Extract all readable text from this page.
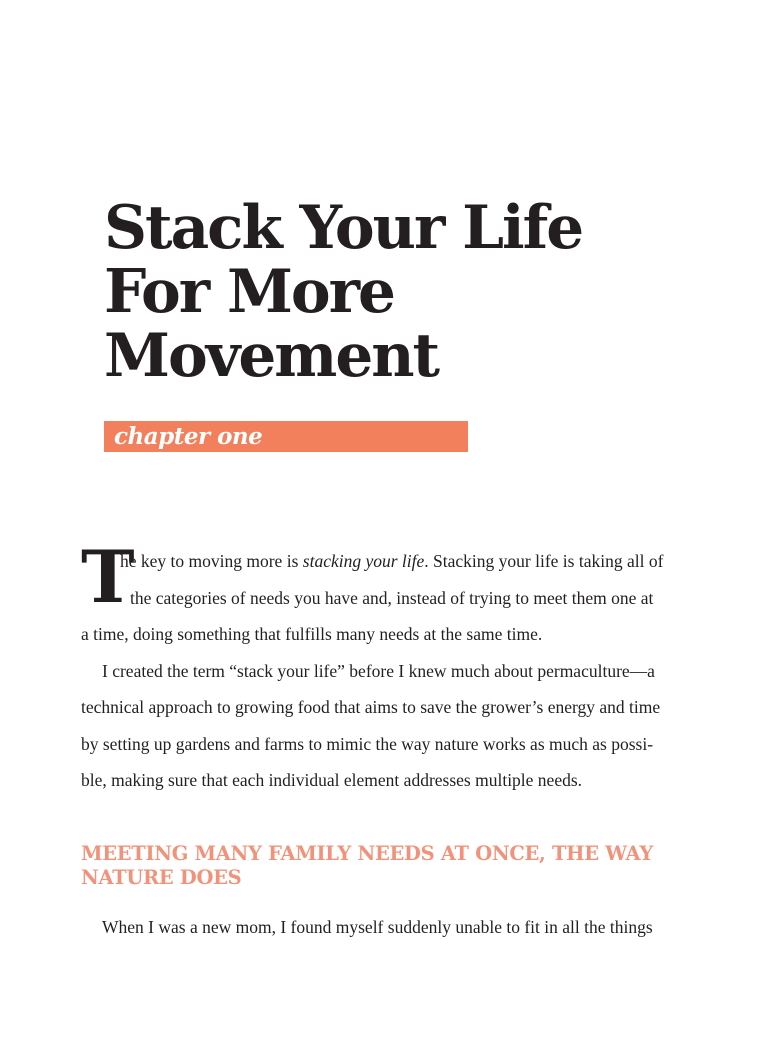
Stack Your Life
For More
Movement
chapter one
T
he key to moving more is stacking your life. Stacking your life is taking all of
the categories of needs you have and, instead of trying to meet them one at
a time, doing something that fulfills many needs at the same time.
I created the term “stack your life” before I knew much about permaculture—a
technical approach to growing food that aims to save the grower’s energy and time
by setting up gardens and farms to mimic the way nature works as much as possi-
ble, making sure that each individual element addresses multiple needs.
MEETING MANY FAMILY NEEDS AT ONCE, THE WAY
NATURE DOES
When I was a new mom, I found myself suddenly unable to fit in all the things
